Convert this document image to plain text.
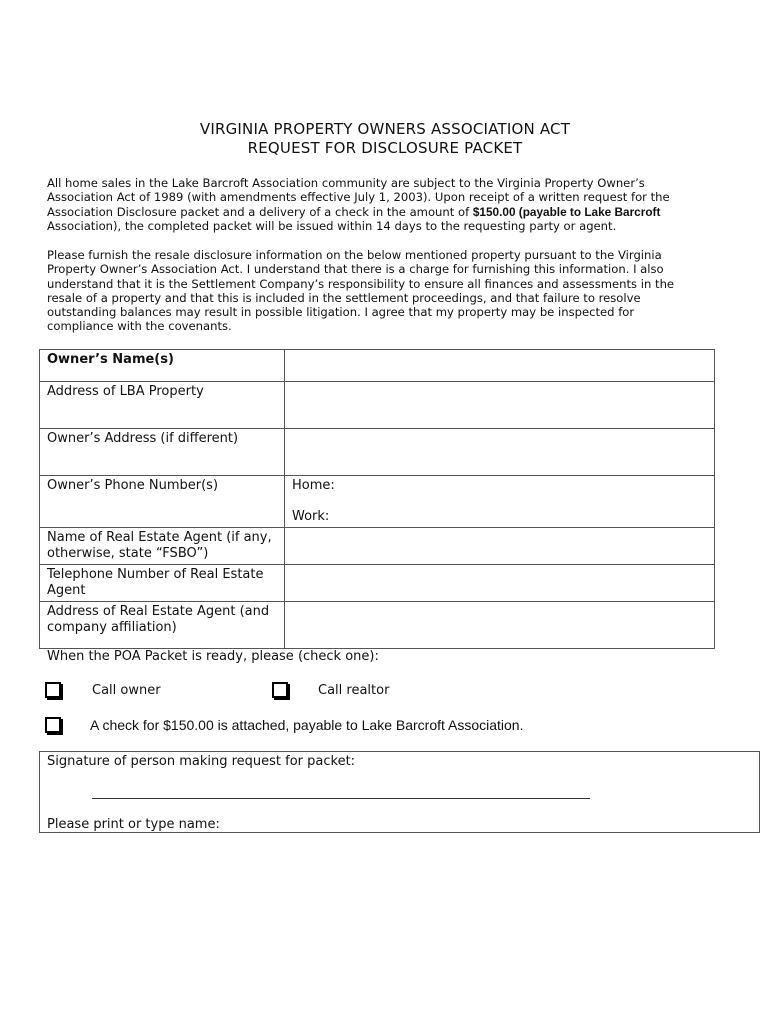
VIRGINIA PROPERTY OWNERS ASSOCIATION ACT
REQUEST FOR DISCLOSURE PACKET
All home sales in the Lake Barcroft Association community are subject to the Virginia Property Owner’s
Association Act of 1989 (with amendments effective July 1, 2003). Upon receipt of a written request for the
Association Disclosure packet and a delivery of a check in the amount of $150.00 (payable to Lake Barcroft
Association), the completed packet will be issued within 14 days to the requesting party or agent.
Please furnish the resale disclosure information on the below mentioned property pursuant to the Virginia
Property Owner’s Association Act. I understand that there is a charge for furnishing this information. I also
understand that it is the Settlement Company’s responsibility to ensure all finances and assessments in the
resale of a property and that this is included in the settlement proceedings, and that failure to resolve
outstanding balances may result in possible litigation. I agree that my property may be inspected for
compliance with the covenants.
Owner’s Name(s)	
Address of LBA Property	
Owner’s Address (if different)	
Owner’s Phone Number(s)	Home:
Work:

Name of Real Estate Agent (if any, otherwise, state “FSBO”)	
Telephone Number of Real Estate Agent	
Address of Real Estate Agent (and company affiliation)	
When the POA Packet is ready, please (check one):
Call owner	Call realtor
A check for $150.00 is attached, payable to Lake Barcroft Association.
Signature of person making request for packet:
Please print or type name:
